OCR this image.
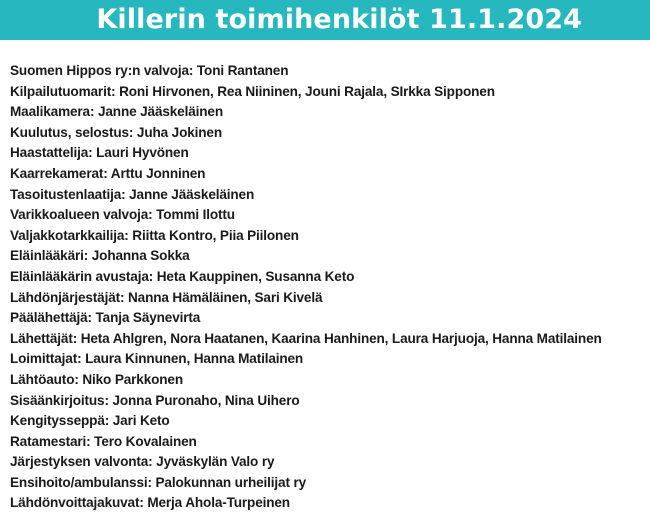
Killerin toimihenkilöt 11.1.2024
Suomen Hippos ry:n valvoja: Toni Rantanen
Kilpailutuomarit: Roni Hirvonen, Rea Niininen, Jouni Rajala, SIrkka Sipponen
Maalikamera: Janne Jääskeläinen
Kuulutus, selostus: Juha Jokinen
Haastattelija: Lauri Hyvönen
Kaarrekamerat: Arttu Jonninen
Tasoitustenlaatija: Janne Jääskeläinen
Varikkoalueen valvoja: Tommi Ilottu
Valjakkotarkkailija: Riitta Kontro, Piia Piilonen
Eläinlääkäri: Johanna Sokka
Eläinlääkärin avustaja: Heta Kauppinen, Susanna Keto
Lähdönjärjestäjät: Nanna Hämäläinen, Sari Kivelä
Päälähettäjä: Tanja Säynevirta
Lähettäjät: Heta Ahlgren, Nora Haatanen, Kaarina Hanhinen, Laura Harjuoja, Hanna Matilainen
Loimittajat: Laura Kinnunen, Hanna Matilainen
Lähtöauto: Niko Parkkonen
Sisäänkirjoitus: Jonna Puronaho, Nina Uihero
Kengitysseppä: Jari Keto
Ratamestari: Tero Kovalainen
Järjestyksen valvonta: Jyväskylän Valo ry
Ensihoito/ambulanssi: Palokunnan urheilijat ry
Lähdönvoittajakuvat: Merja Ahola-Turpeinen
